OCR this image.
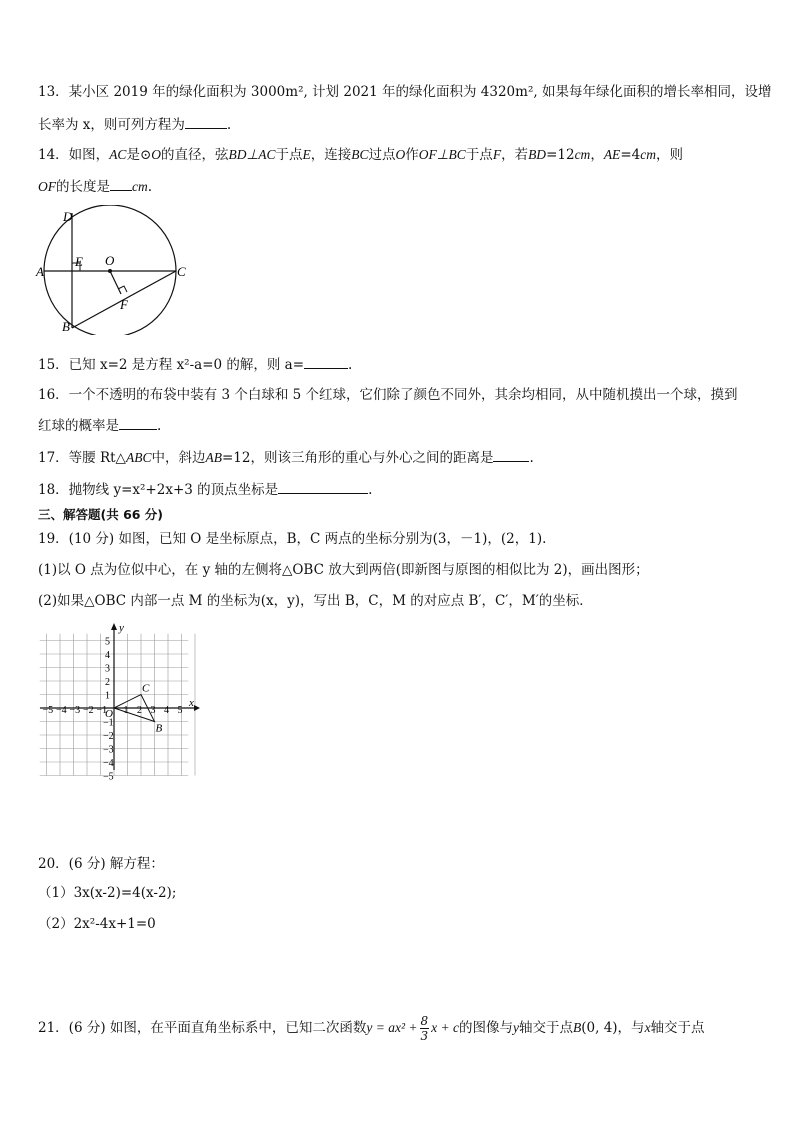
13．某小区 2019 年的绿化面积为 3000m², 计划 2021 年的绿化面积为 4320m², 如果每年绿化面积的增长率相同，设增
长率为 x，则可列方程为	.
14．如图，AC是⊙O的直径，弦BD⊥AC于点E，连接BC过点O作OF⊥BC于点F，若BD=12cm，AE=4cm，则
OF的长度是 cm.
D
A
E O
C
F
B
15．已知 x=2 是方程 x²-a=0 的解，则 a=	.
16．一个不透明的布袋中装有 3 个白球和 5 个红球，它们除了颜色不同外，其余均相同，从中随机摸出一个球，摸到
红球的概率是	.
17．等腰 Rt△ABC中，斜边AB=12，则该三角形的重心与外心之间的距离是	.
18．抛物线 y=x²+2x+3 的顶点坐标是	.
三、解答题(共 66 分)
19．(10 分) 如图，已知 O 是坐标原点，B，C 两点的坐标分别为(3，－1)，(2，1).
(1)以 O 点为位似中心，在 y 轴的左侧将△OBC 放大到两倍(即新图与原图的相似比为 2)，画出图形；
(2)如果△OBC 内部一点 M 的坐标为(x，y)，写出 B，C，M 的对应点 B′，C′，M′的坐标．
y
x
O
−5 −4 −3 −2 −1 1 2 3 4 5
5
4
3
2
1
−1
−2
−3
−4
−5
C
B
20．(6 分) 解方程：
（1）3x(x-2)=4(x-2);
（2）2x²-4x+1=0
21．(6 分) 如图，在平面直角坐标系中，已知二次函数$y = ax^2 + \frac{8}{3}$ x + c的图像与y轴交于点B(0, 4)，与x轴交于点
